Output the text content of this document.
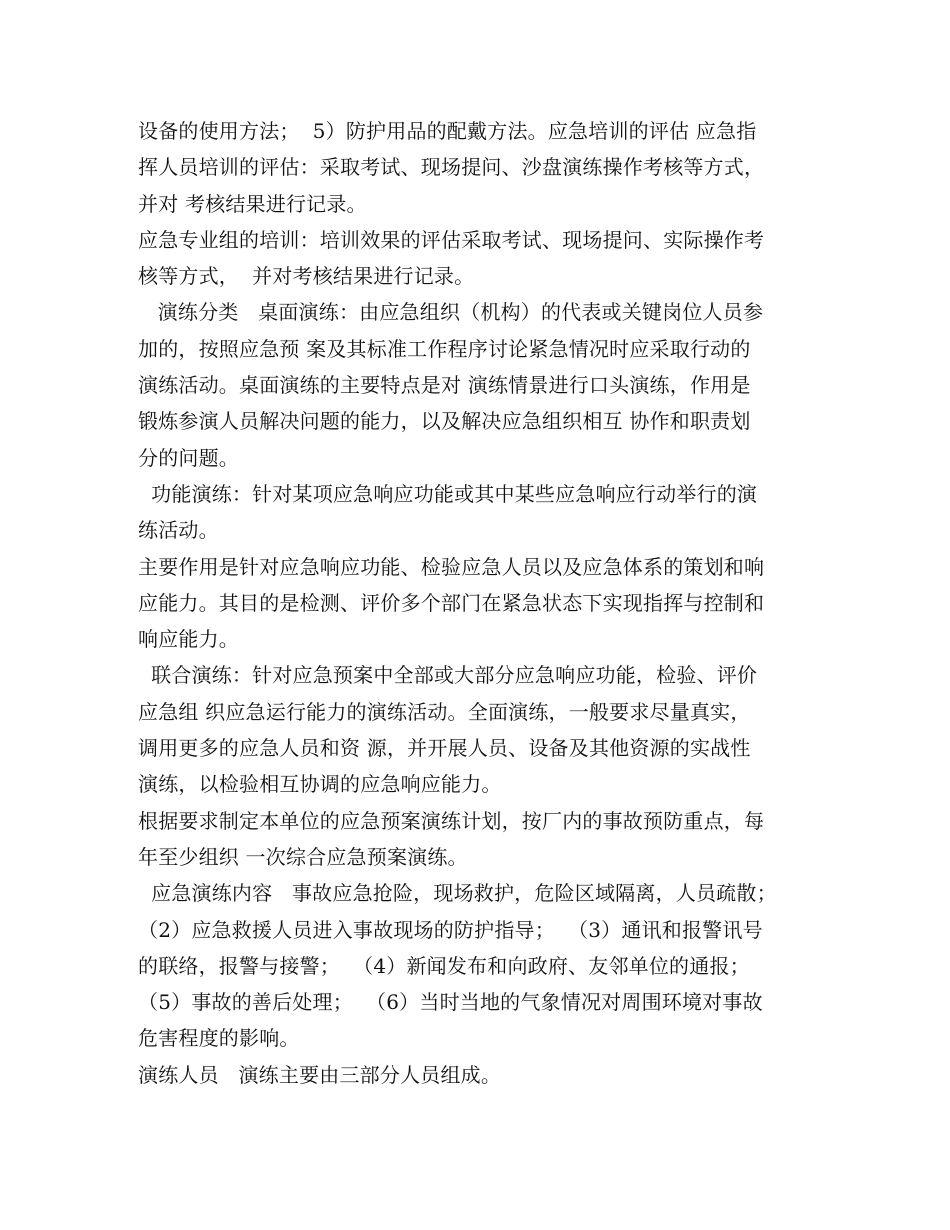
设备的使用方法；  5）防护用品的配戴方法。应急培训的评估 应急指
挥人员培训的评估：采取考试、现场提问、沙盘演练操作考核等方式，
并对 考核结果进行记录。
应急专业组的培训：培训效果的评估采取考试、现场提问、实际操作考
核等方式，  并对考核结果进行记录。
演练分类   桌面演练：由应急组织（机构）的代表或关键岗位人员参
加的，按照应急预 案及其标准工作程序讨论紧急情况时应采取行动的
演练活动。桌面演练的主要特点是对 演练情景进行口头演练，作用是
锻炼参演人员解决问题的能力，以及解决应急组织相互 协作和职责划
分的问题。
功能演练：针对某项应急响应功能或其中某些应急响应行动举行的演
练活动。
主要作用是针对应急响应功能、检验应急人员以及应急体系的策划和响
应能力。其目的是检测、评价多个部门在紧急状态下实现指挥与控制和
响应能力。
联合演练：针对应急预案中全部或大部分应急响应功能，检验、评价
应急组 织应急运行能力的演练活动。全面演练，一般要求尽量真实，
调用更多的应急人员和资 源，并开展人员、设备及其他资源的实战性
演练，以检验相互协调的应急响应能力。
根据要求制定本单位的应急预案演练计划，按厂内的事故预防重点，每
年至少组织 一次综合应急预案演练。
应急演练内容   事故应急抢险，现场救护，危险区域隔离，人员疏散；
（2）应急救援人员进入事故现场的防护指导；  （3）通讯和报警讯号
的联络，报警与接警；  （4）新闻发布和向政府、友邻单位的通报；
（5）事故的善后处理；  （6）当时当地的气象情况对周围环境对事故
危害程度的影响。
演练人员   演练主要由三部分人员组成。
